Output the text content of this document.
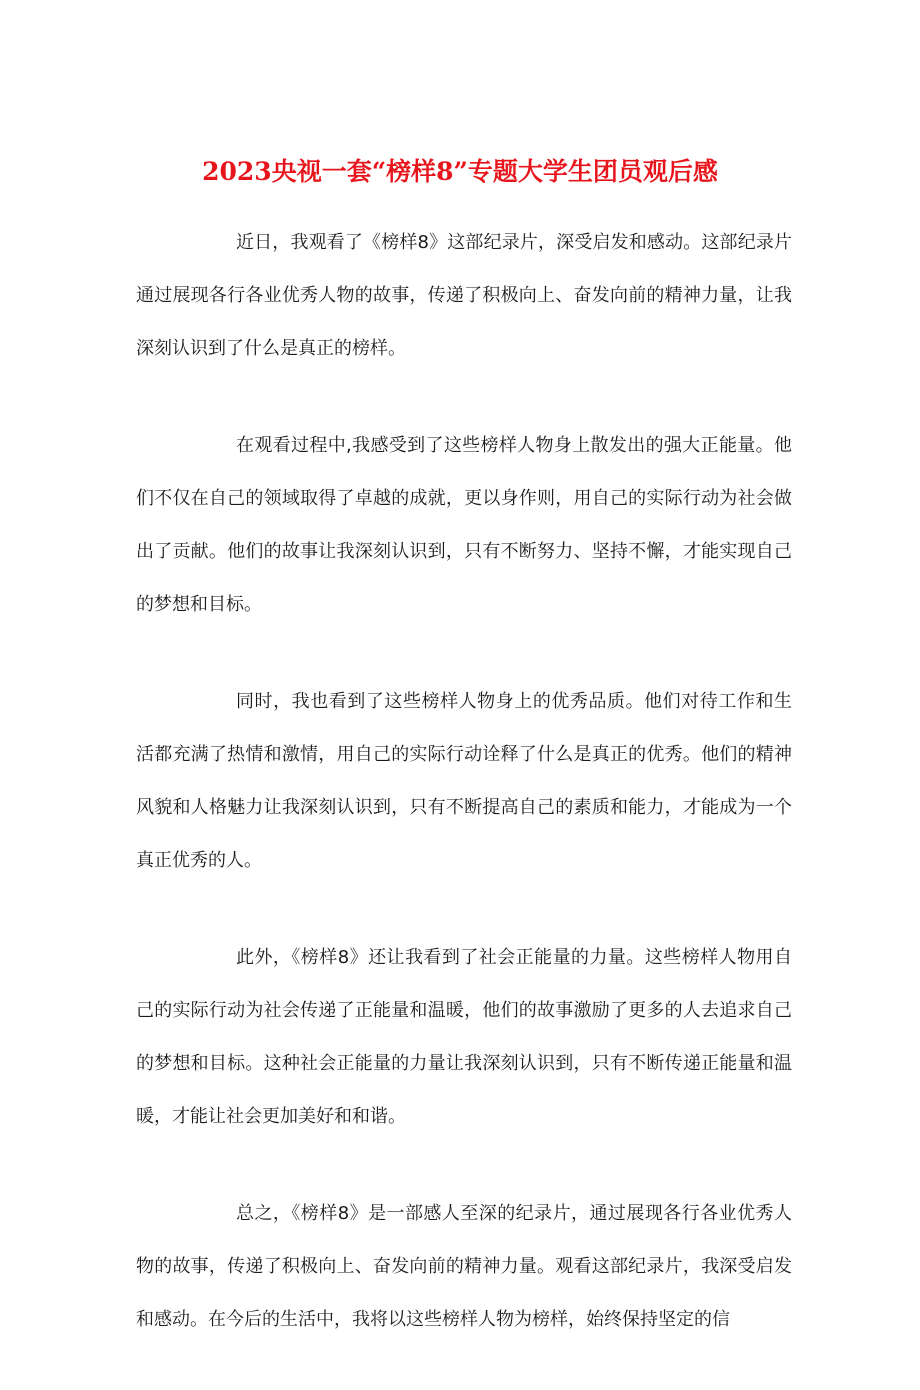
2023央视一套“榜样8”专题大学生团员观后感

近日，我观看了《榜样8》这部纪录片，深受启发和感动。这部纪录片通过展现各行各业优秀人物的故事，传递了积极向上、奋发向前的精神力量，让我深刻认识到了什么是真正的榜样。

在观看过程中,我感受到了这些榜样人物身上散发出的强大正能量。他们不仅在自己的领域取得了卓越的成就，更以身作则，用自己的实际行动为社会做出了贡献。他们的故事让我深刻认识到，只有不断努力、坚持不懈，才能实现自己的梦想和目标。

同时，我也看到了这些榜样人物身上的优秀品质。他们对待工作和生活都充满了热情和激情，用自己的实际行动诠释了什么是真正的优秀。他们的精神风貌和人格魅力让我深刻认识到，只有不断提高自己的素质和能力，才能成为一个真正优秀的人。

此外，《榜样8》还让我看到了社会正能量的力量。这些榜样人物用自己的实际行动为社会传递了正能量和温暖，他们的故事激励了更多的人去追求自己的梦想和目标。这种社会正能量的力量让我深刻认识到，只有不断传递正能量和温暖，才能让社会更加美好和和谐。

总之，《榜样8》是一部感人至深的纪录片，通过展现各行各业优秀人物的故事，传递了积极向上、奋发向前的精神力量。观看这部纪录片，我深受启发和感动。在今后的生活中，我将以这些榜样人物为榜样，始终保持坚定的信
